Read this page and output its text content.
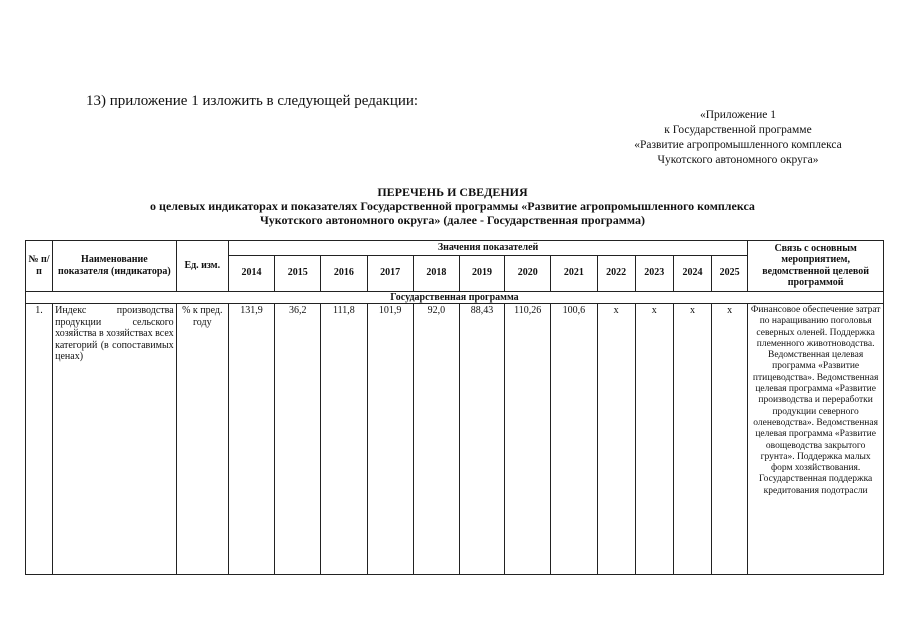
13) приложение 1 изложить в следующей редакции:
«Приложение 1
к Государственной программе
«Развитие агропромышленного комплекса
Чукотского автономного округа»
ПЕРЕЧЕНЬ И СВЕДЕНИЯ
о целевых индикаторах и показателях Государственной программы «Развитие агропромышленного комплекса
Чукотского автономного округа» (далее - Государственная программа)
№ п/п	Наименование показателя (индикатора)	Ед. изм.	Значения показателей												Связь с основным мероприятием, ведомственной целевой программой
			2014	2015	2016	2017	2018	2019	2020	2021	2022	2023	2024	2025	
Государственная программа															
1.	Индекс производства продукции сельского хозяйства в хозяйствах всех категорий (в сопоставимых ценах)	% к пред. году	131,9	36,2	111,8	101,9	92,0	88,43	110,26	100,6	х	х	х	х	Финансовое обеспечение затрат по наращиванию поголовья северных оленей. Поддержка племенного животноводства. Ведомственная целевая программа «Развитие птицеводства». Ведомственная целевая программа «Развитие производства и переработки продукции северного оленеводства». Ведомственная целевая программа «Развитие овощеводства закрытого грунта». Поддержка малых форм хозяйствования. Государственная поддержка кредитования подотрасли
